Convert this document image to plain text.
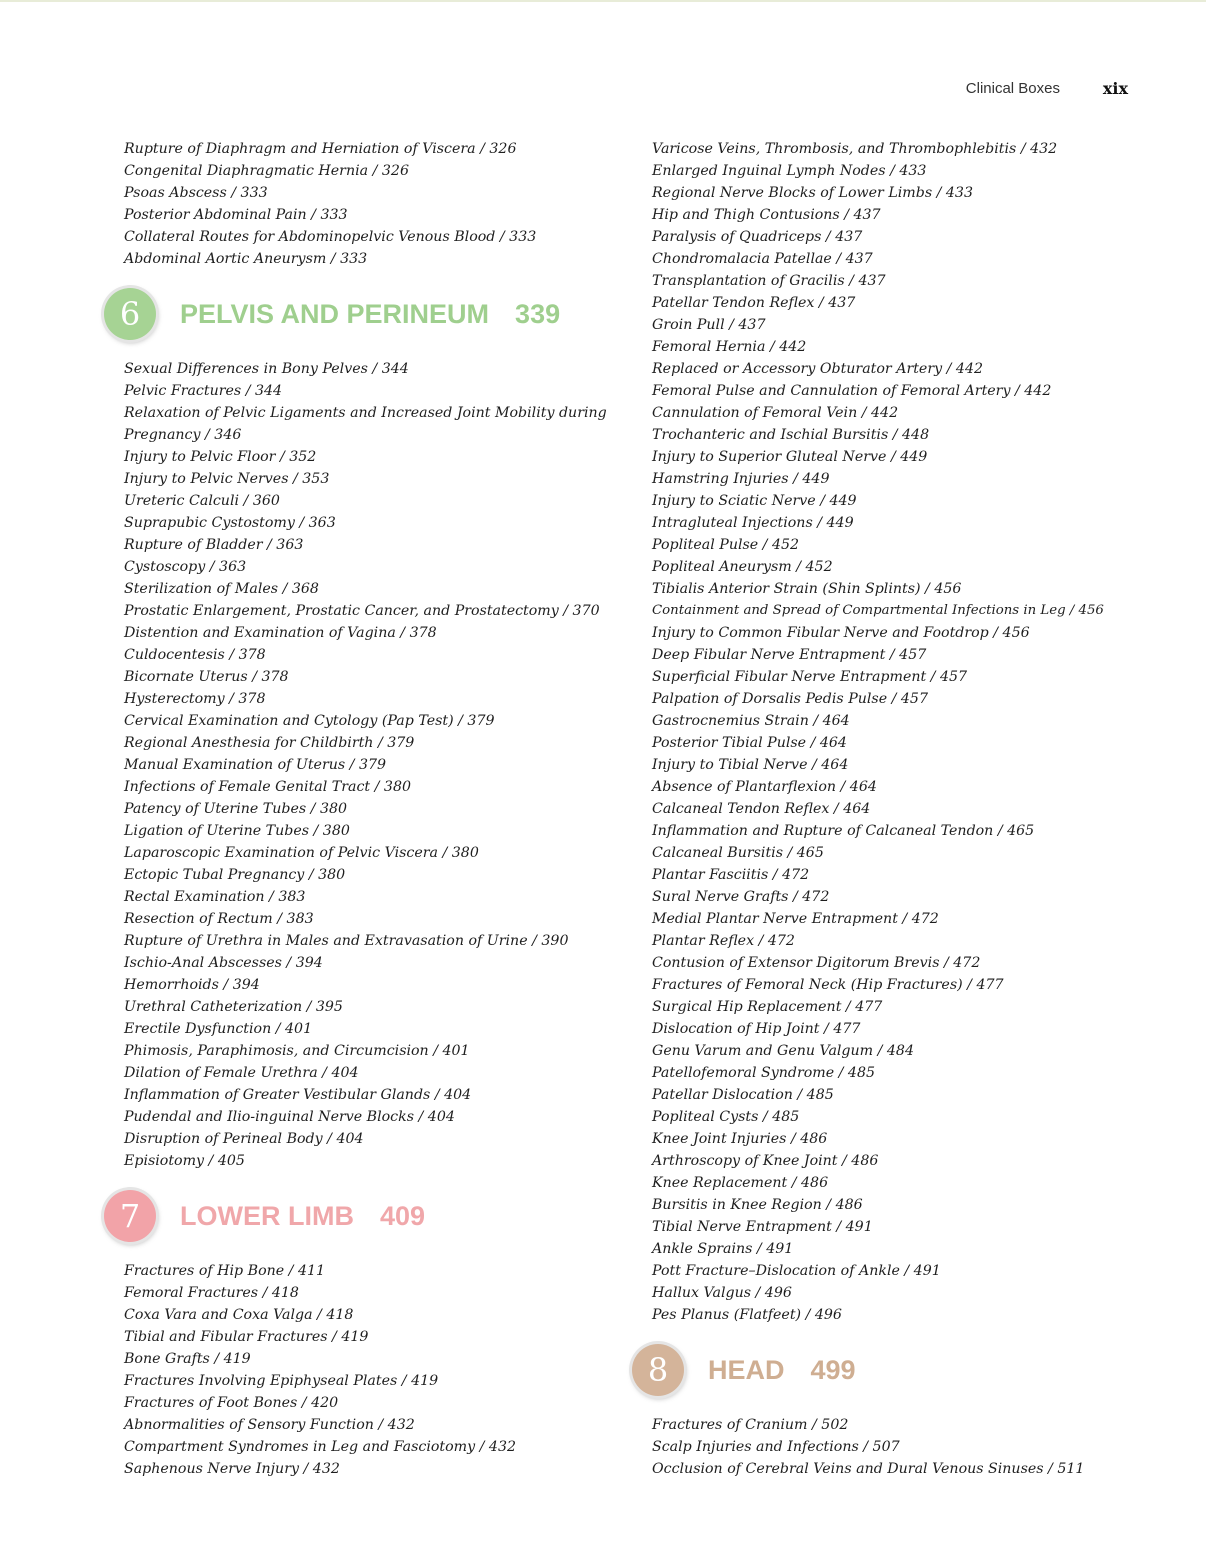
Clinical Boxes	xix
Rupture of Diaphragm and Herniation of Viscera / 326
Congenital Diaphragmatic Hernia / 326
Psoas Abscess / 333
Posterior Abdominal Pain / 333
Collateral Routes for Abdominopelvic Venous Blood / 333
Abdominal Aortic Aneurysm / 333
6	PELVIS AND PERINEUM 339
Sexual Differences in Bony Pelves / 344
Pelvic Fractures / 344
Relaxation of Pelvic Ligaments and Increased Joint Mobility during
Pregnancy / 346
Injury to Pelvic Floor / 352
Injury to Pelvic Nerves / 353
Ureteric Calculi / 360
Suprapubic Cystostomy / 363
Rupture of Bladder / 363
Cystoscopy / 363
Sterilization of Males / 368
Prostatic Enlargement, Prostatic Cancer, and Prostatectomy / 370
Distention and Examination of Vagina / 378
Culdocentesis / 378
Bicornate Uterus / 378
Hysterectomy / 378
Cervical Examination and Cytology (Pap Test) / 379
Regional Anesthesia for Childbirth / 379
Manual Examination of Uterus / 379
Infections of Female Genital Tract / 380
Patency of Uterine Tubes / 380
Ligation of Uterine Tubes / 380
Laparoscopic Examination of Pelvic Viscera / 380
Ectopic Tubal Pregnancy / 380
Rectal Examination / 383
Resection of Rectum / 383
Rupture of Urethra in Males and Extravasation of Urine / 390
Ischio-Anal Abscesses / 394
Hemorrhoids / 394
Urethral Catheterization / 395
Erectile Dysfunction / 401
Phimosis, Paraphimosis, and Circumcision / 401
Dilation of Female Urethra / 404
Inflammation of Greater Vestibular Glands / 404
Pudendal and Ilio-inguinal Nerve Blocks / 404
Disruption of Perineal Body / 404
Episiotomy / 405
7	LOWER LIMB 409
Fractures of Hip Bone / 411
Femoral Fractures / 418
Coxa Vara and Coxa Valga / 418
Tibial and Fibular Fractures / 419
Bone Grafts / 419
Fractures Involving Epiphyseal Plates / 419
Fractures of Foot Bones / 420
Abnormalities of Sensory Function / 432
Compartment Syndromes in Leg and Fasciotomy / 432
Saphenous Nerve Injury / 432
Varicose Veins, Thrombosis, and Thrombophlebitis / 432
Enlarged Inguinal Lymph Nodes / 433
Regional Nerve Blocks of Lower Limbs / 433
Hip and Thigh Contusions / 437
Paralysis of Quadriceps / 437
Chondromalacia Patellae / 437
Transplantation of Gracilis / 437
Patellar Tendon Reflex / 437
Groin Pull / 437
Femoral Hernia / 442
Replaced or Accessory Obturator Artery / 442
Femoral Pulse and Cannulation of Femoral Artery / 442
Cannulation of Femoral Vein / 442
Trochanteric and Ischial Bursitis / 448
Injury to Superior Gluteal Nerve / 449
Hamstring Injuries / 449
Injury to Sciatic Nerve / 449
Intragluteal Injections / 449
Popliteal Pulse / 452
Popliteal Aneurysm / 452
Tibialis Anterior Strain (Shin Splints) / 456
Containment and Spread of Compartmental Infections in Leg / 456
Injury to Common Fibular Nerve and Footdrop / 456
Deep Fibular Nerve Entrapment / 457
Superficial Fibular Nerve Entrapment / 457
Palpation of Dorsalis Pedis Pulse / 457
Gastrocnemius Strain / 464
Posterior Tibial Pulse / 464
Injury to Tibial Nerve / 464
Absence of Plantarflexion / 464
Calcaneal Tendon Reflex / 464
Inflammation and Rupture of Calcaneal Tendon / 465
Calcaneal Bursitis / 465
Plantar Fasciitis / 472
Sural Nerve Grafts / 472
Medial Plantar Nerve Entrapment / 472
Plantar Reflex / 472
Contusion of Extensor Digitorum Brevis / 472
Fractures of Femoral Neck (Hip Fractures) / 477
Surgical Hip Replacement / 477
Dislocation of Hip Joint / 477
Genu Varum and Genu Valgum / 484
Patellofemoral Syndrome / 485
Patellar Dislocation / 485
Popliteal Cysts / 485
Knee Joint Injuries / 486
Arthroscopy of Knee Joint / 486
Knee Replacement / 486
Bursitis in Knee Region / 486
Tibial Nerve Entrapment / 491
Ankle Sprains / 491
Pott Fracture–Dislocation of Ankle / 491
Hallux Valgus / 496
Pes Planus (Flatfeet) / 496
8	HEAD 499
Fractures of Cranium / 502
Scalp Injuries and Infections / 507
Occlusion of Cerebral Veins and Dural Venous Sinuses / 511
